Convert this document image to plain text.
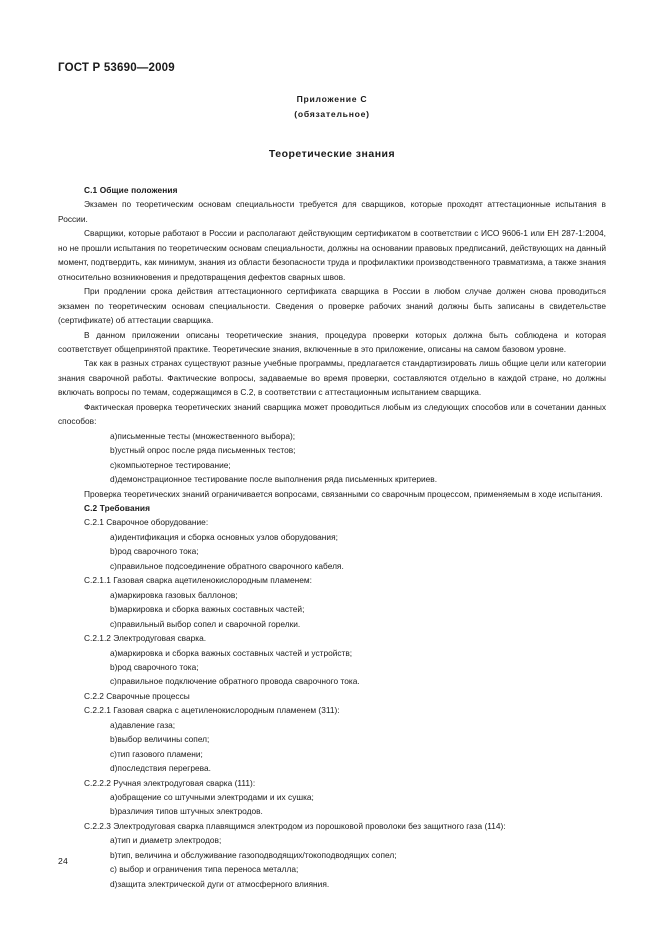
ГОСТ Р 53690—2009
Приложение С
(обязательное)
Теоретические знания

С.1 Общие положения

Экзамен по теоретическим основам специальности требуется для сварщиков, которые проходят аттестационные испытания в России.

Сварщики, которые работают в России и располагают действующим сертификатом в соответствии с ИСО 9606-1 или ЕН 287-1:2004, но не прошли испытания по теоретическим основам специальности, должны на основании правовых предписаний, действующих на данный момент, подтвердить, как минимум, знания из области безопасности труда и профилактики производственного травматизма, а также знания относительно возникновения и предотвращения дефектов сварных швов.

При продлении срока действия аттестационного сертификата сварщика в России в любом случае должен снова проводиться экзамен по теоретическим основам специальности. Сведения о проверке рабочих знаний должны быть записаны в свидетельстве (сертификате) об аттестации сварщика.

В данном приложении описаны теоретические знания, процедура проверки которых должна быть соблюдена и которая соответствует общепринятой практике. Теоретические знания, включенные в это приложение, описаны на самом базовом уровне.

Так как в разных странах существуют разные учебные программы, предлагается стандартизировать лишь общие цели или категории знания сварочной работы. Фактические вопросы, задаваемые во время проверки, составляются отдельно в каждой стране, но должны включать вопросы по темам, содержащимся в С.2, в соответствии с аттестационным испытанием сварщика.

Фактическая проверка теоретических знаний сварщика может проводиться любым из следующих способов или в сочетании данных способов:

a)письменные тесты (множественного выбора);

b)устный опрос после ряда письменных тестов;

c)компьютерное тестирование;

d)демонстрационное тестирование после выполнения ряда письменных критериев.

Проверка теоретических знаний ограничивается вопросами, связанными со сварочным процессом, применяемым в ходе испытания.

С.2 Требования

С.2.1 Сварочное оборудование:

a)идентификация и сборка основных узлов оборудования;

b)род сварочного тока;

c)правильное подсоединение обратного сварочного кабеля.

С.2.1.1 Газовая сварка ацетиленокислородным пламенем:

a)маркировка газовых баллонов;

b)маркировка и сборка важных составных частей;

c)правильный выбор сопел и сварочной горелки.

С.2.1.2 Электродуговая сварка.

a)маркировка и сборка важных составных частей и устройств;

b)род сварочного тока;

c)правильное подключение обратного провода сварочного тока.

С.2.2 Сварочные процессы

С.2.2.1 Газовая сварка с ацетиленокислородным пламенем (311):

a)давление газа;

b)выбор величины сопел;

c)тип газового пламени;

d)последствия перегрева.

С.2.2.2 Ручная электродуговая сварка (111):

a)обращение со штучными электродами и их сушка;

b)различия типов штучных электродов.

С.2.2.3 Электродуговая сварка плавящимся электродом из порошковой проволоки без защитного газа (114):

a)тип и диаметр электродов;

b)тип, величина и обслуживание газоподводящих/токоподводящих сопел;

c) выбор и ограничения типа переноса металла;

d)защита электрической дуги от атмосферного влияния.

24
